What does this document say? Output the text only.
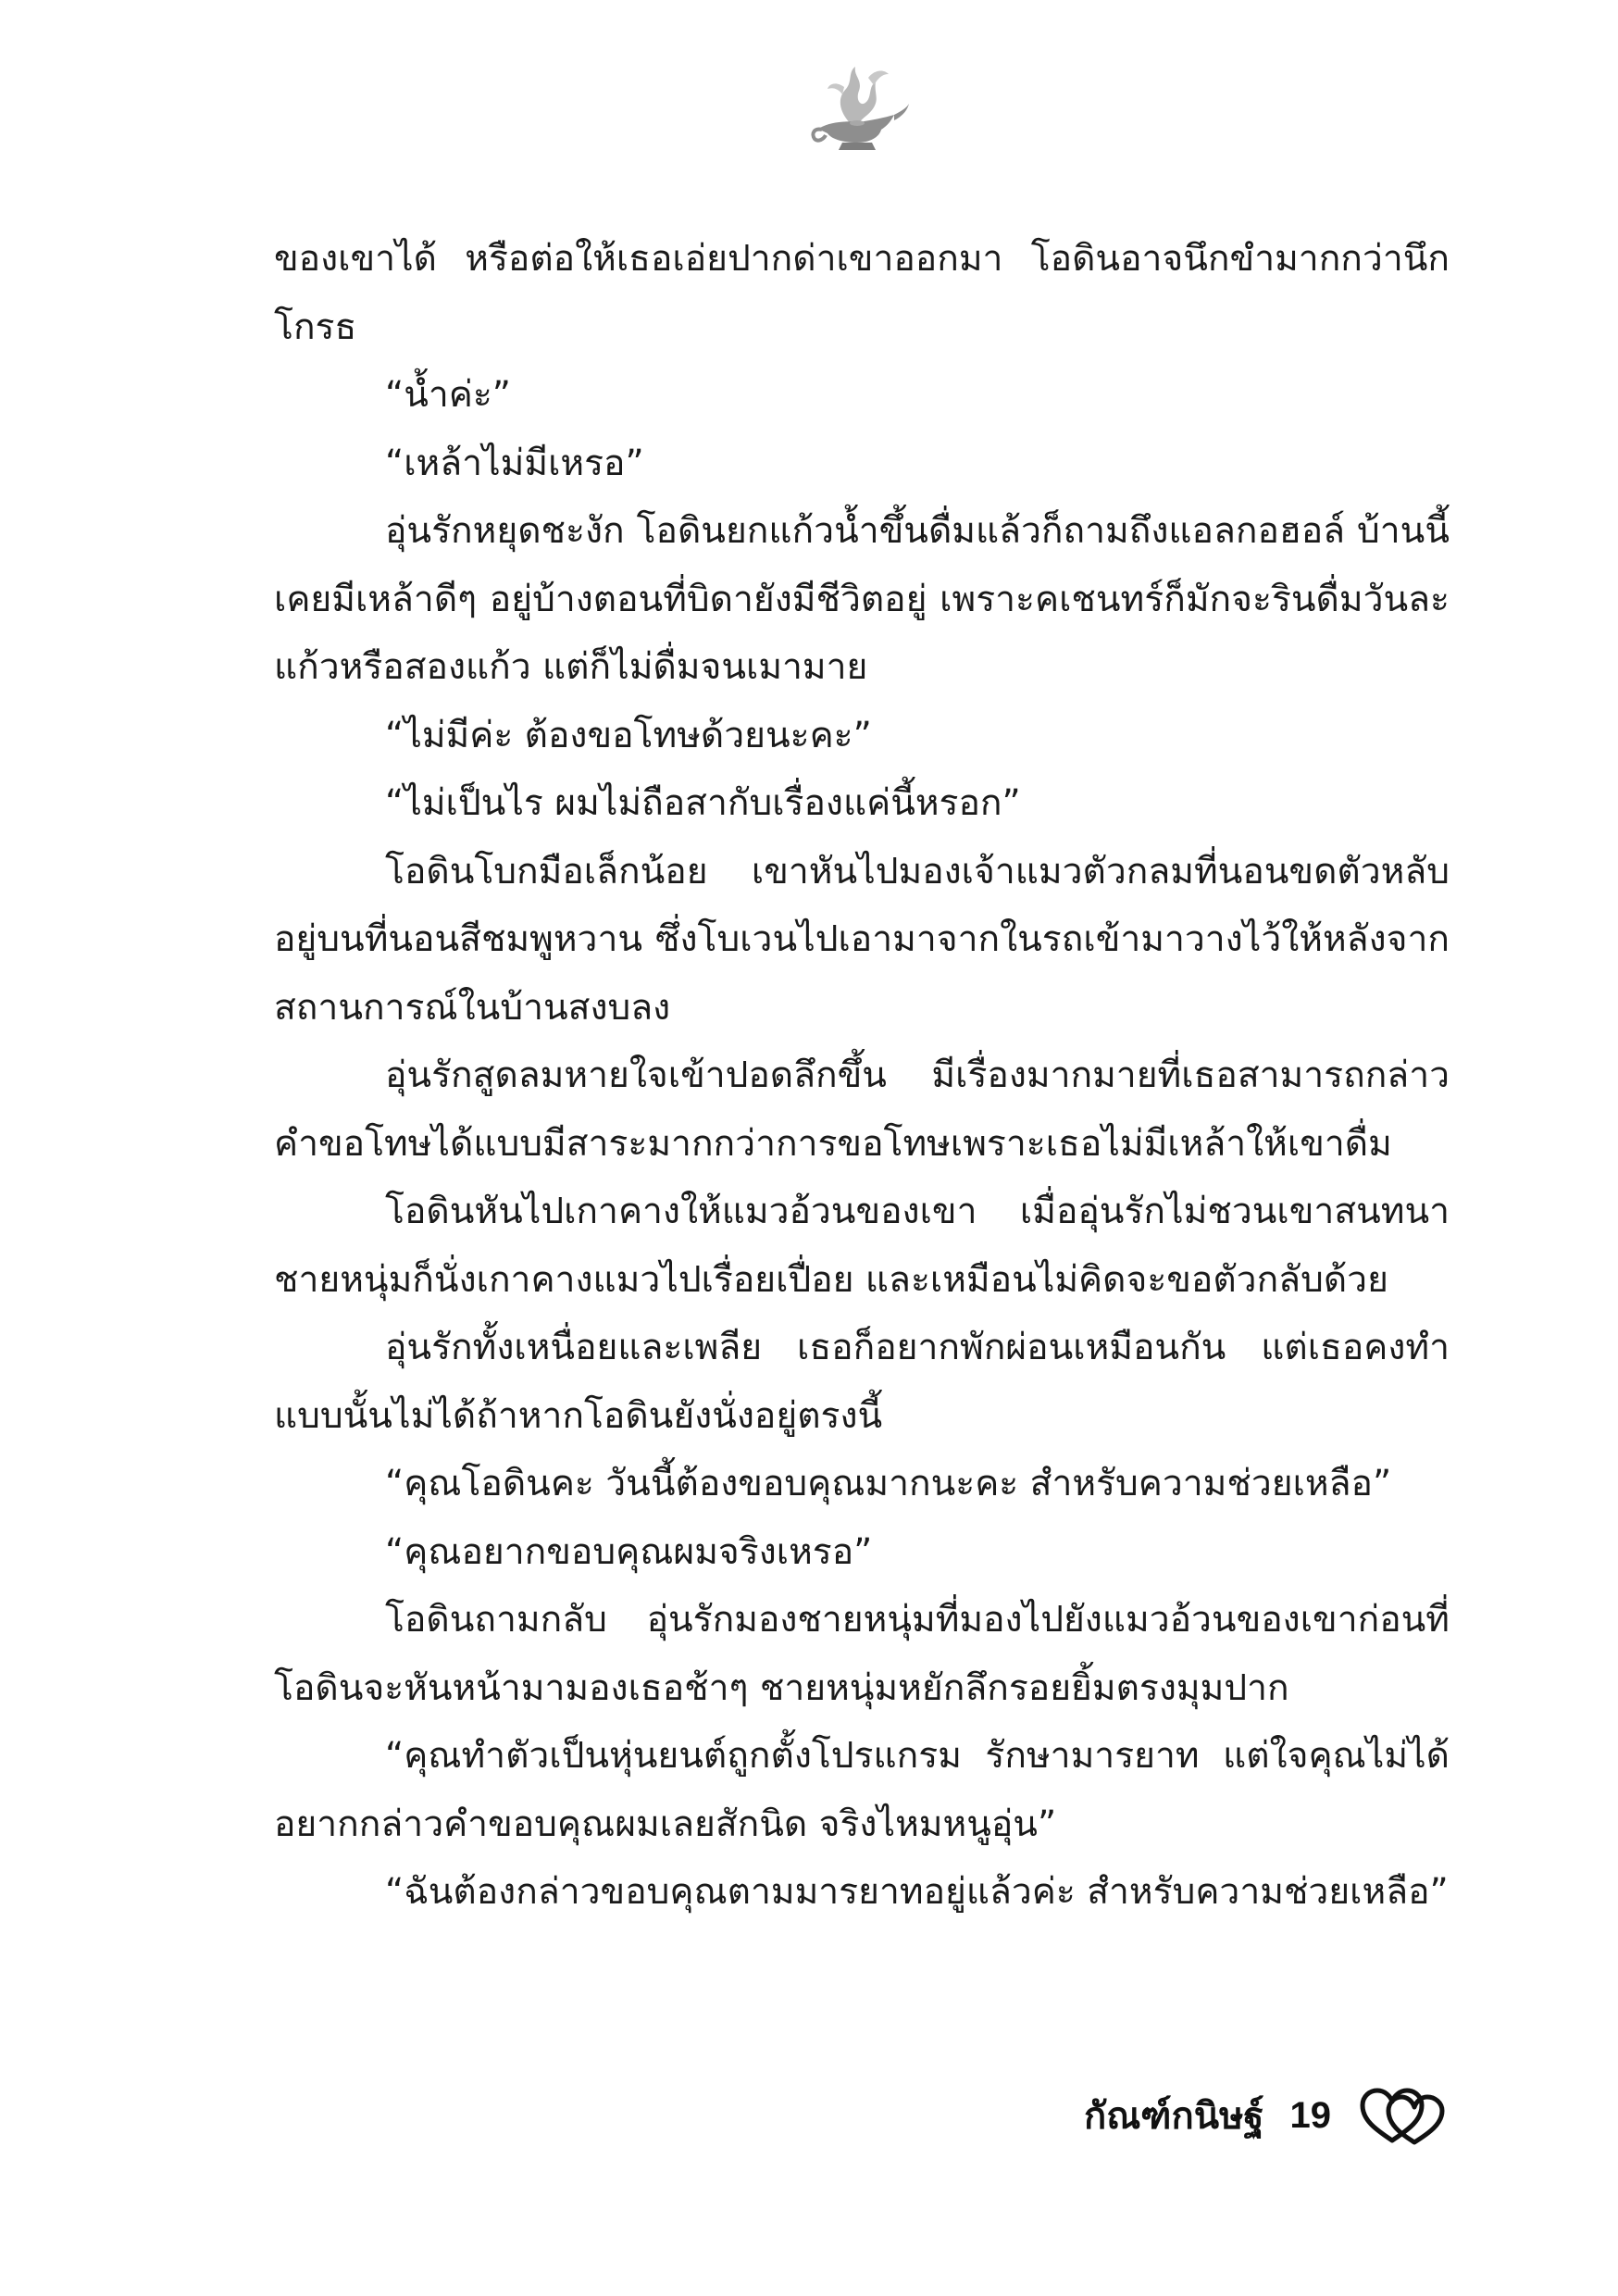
ของเขาได้ หรือต่อให้เธอเอ่ยปากด่าเขาออกมา โอดินอาจนึกขำมากกว่านึกโกรธ

“น้ำค่ะ”

“เหล้าไม่มีเหรอ”

อุ่นรักหยุดชะงัก โอดินยกแก้วน้ำขึ้นดื่มแล้วก็ถามถึงแอลกอฮอล์ บ้านนี้เคยมีเหล้าดีๆ อยู่บ้างตอนที่บิดายังมีชีวิตอยู่ เพราะคเชนทร์ก็มักจะรินดื่มวันละแก้วหรือสองแก้ว แต่ก็ไม่ดื่มจนเมามาย

“ไม่มีค่ะ ต้องขอโทษด้วยนะคะ”

“ไม่เป็นไร ผมไม่ถือสากับเรื่องแค่นี้หรอก”

โอดินโบกมือเล็กน้อย เขาหันไปมองเจ้าแมวตัวกลมที่นอนขดตัวหลับอยู่บนที่นอนสีชมพูหวาน ซึ่งโบเวนไปเอามาจากในรถเข้ามาวางไว้ให้หลังจากสถานการณ์ในบ้านสงบลง

อุ่นรักสูดลมหายใจเข้าปอดลึกขึ้น มีเรื่องมากมายที่เธอสามารถกล่าวคำขอโทษได้แบบมีสาระมากกว่าการขอโทษเพราะเธอไม่มีเหล้าให้เขาดื่ม

โอดินหันไปเกาคางให้แมวอ้วนของเขา เมื่ออุ่นรักไม่ชวนเขาสนทนาชายหนุ่มก็นั่งเกาคางแมวไปเรื่อยเปื่อย และเหมือนไม่คิดจะขอตัวกลับด้วย

อุ่นรักทั้งเหนื่อยและเพลีย เธอก็อยากพักผ่อนเหมือนกัน แต่เธอคงทำแบบนั้นไม่ได้ถ้าหากโอดินยังนั่งอยู่ตรงนี้

“คุณโอดินคะ วันนี้ต้องขอบคุณมากนะคะ สำหรับความช่วยเหลือ”

“คุณอยากขอบคุณผมจริงเหรอ”

โอดินถามกลับ อุ่นรักมองชายหนุ่มที่มองไปยังแมวอ้วนของเขาก่อนที่โอดินจะหันหน้ามามองเธอช้าๆ ชายหนุ่มหยักลึกรอยยิ้มตรงมุมปาก

“คุณทำตัวเป็นหุ่นยนต์ถูกตั้งโปรแกรม รักษามารยาท แต่ใจคุณไม่ได้อยากกล่าวคำขอบคุณผมเลยสักนิด จริงไหมหนูอุ่น”

“ฉันต้องกล่าวขอบคุณตามมารยาทอยู่แล้วค่ะ สำหรับความช่วยเหลือ”

กัณฑ์กนิษฐ์ 19
